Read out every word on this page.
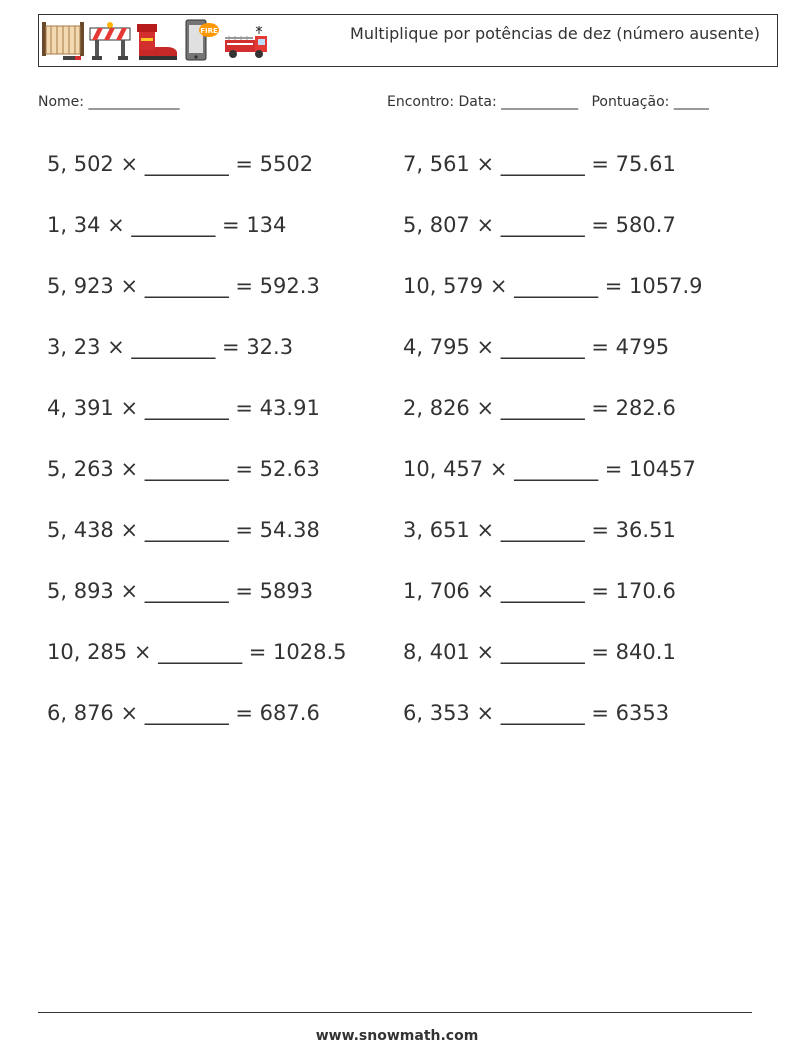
FIRE	Multiplique por potências de dez (número ausente)
Nome: _____________	Encontro: Data: ___________ Pontuação: _____
5, 502 × ________ = 5502
1, 34 × ________ = 134
5, 923 × ________ = 592.3
3, 23 × ________ = 32.3
4, 391 × ________ = 43.91
5, 263 × ________ = 52.63
5, 438 × ________ = 54.38
5, 893 × ________ = 5893
10, 285 × ________ = 1028.5
6, 876 × ________ = 687.6
7, 561 × ________ = 75.61
5, 807 × ________ = 580.7
10, 579 × ________ = 1057.9
4, 795 × ________ = 4795
2, 826 × ________ = 282.6
10, 457 × ________ = 10457
3, 651 × ________ = 36.51
1, 706 × ________ = 170.6
8, 401 × ________ = 840.1
6, 353 × ________ = 6353
www.snowmath.com
